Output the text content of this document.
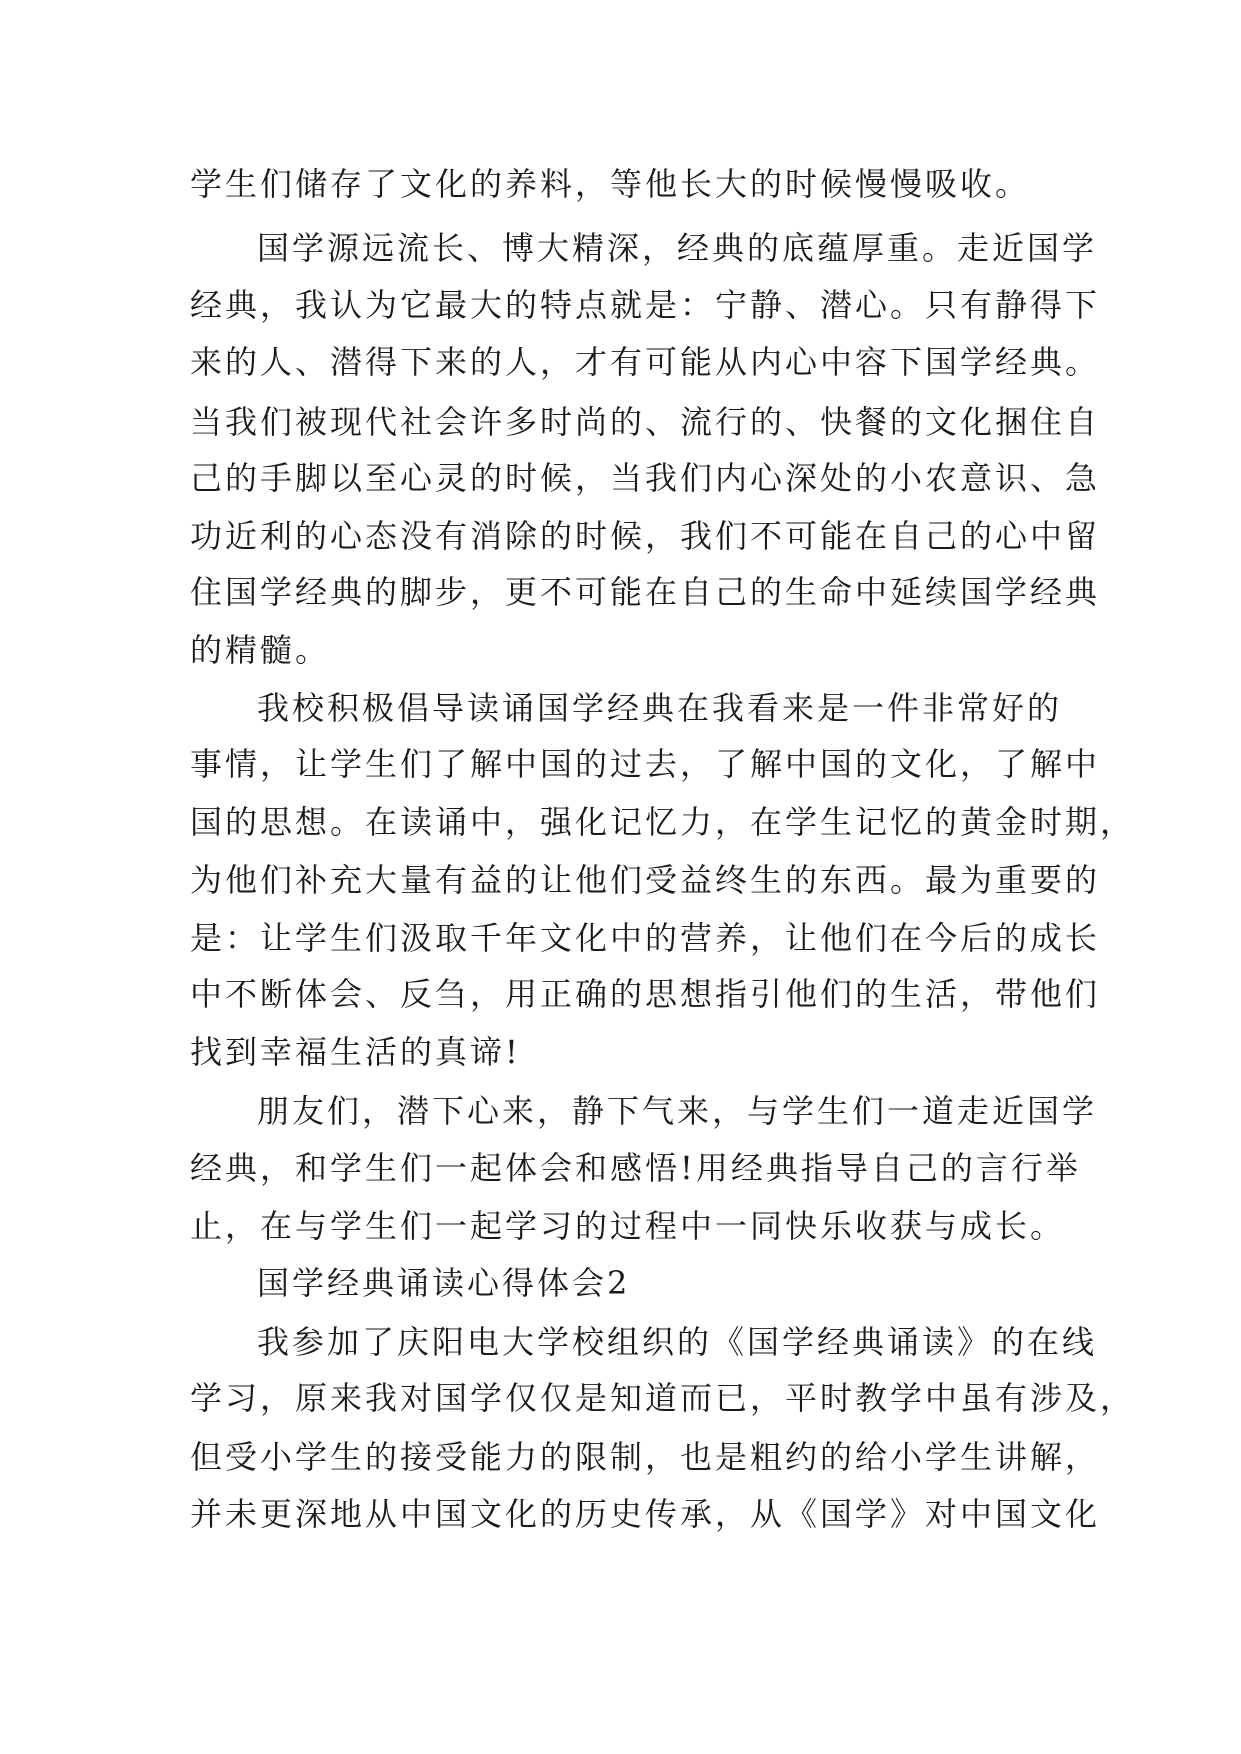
学生们储存了文化的养料，等他长大的时候慢慢吸收。
国学源远流长、博大精深，经典的底蕴厚重。走近国学
经典，我认为它最大的特点就是：宁静、潜心。只有静得下
来的人、潜得下来的人，才有可能从内心中容下国学经典。
当我们被现代社会许多时尚的、流行的、快餐的文化捆住自
己的手脚以至心灵的时候，当我们内心深处的小农意识、急
功近利的心态没有消除的时候，我们不可能在自己的心中留
住国学经典的脚步，更不可能在自己的生命中延续国学经典
的精髓。
我校积极倡导读诵国学经典在我看来是一件非常好的
事情，让学生们了解中国的过去，了解中国的文化，了解中
国的思想。在读诵中，强化记忆力，在学生记忆的黄金时期，
为他们补充大量有益的让他们受益终生的东西。最为重要的
是：让学生们汲取千年文化中的营养，让他们在今后的成长
中不断体会、反刍，用正确的思想指引他们的生活，带他们
找到幸福生活的真谛!
朋友们，潜下心来，静下气来，与学生们一道走近国学
经典，和学生们一起体会和感悟!用经典指导自己的言行举
止，在与学生们一起学习的过程中一同快乐收获与成长。
国学经典诵读心得体会2
我参加了庆阳电大学校组织的《国学经典诵读》的在线
学习，原来我对国学仅仅是知道而已，平时教学中虽有涉及，
但受小学生的接受能力的限制，也是粗约的给小学生讲解，
并未更深地从中国文化的历史传承，从《国学》对中国文化
